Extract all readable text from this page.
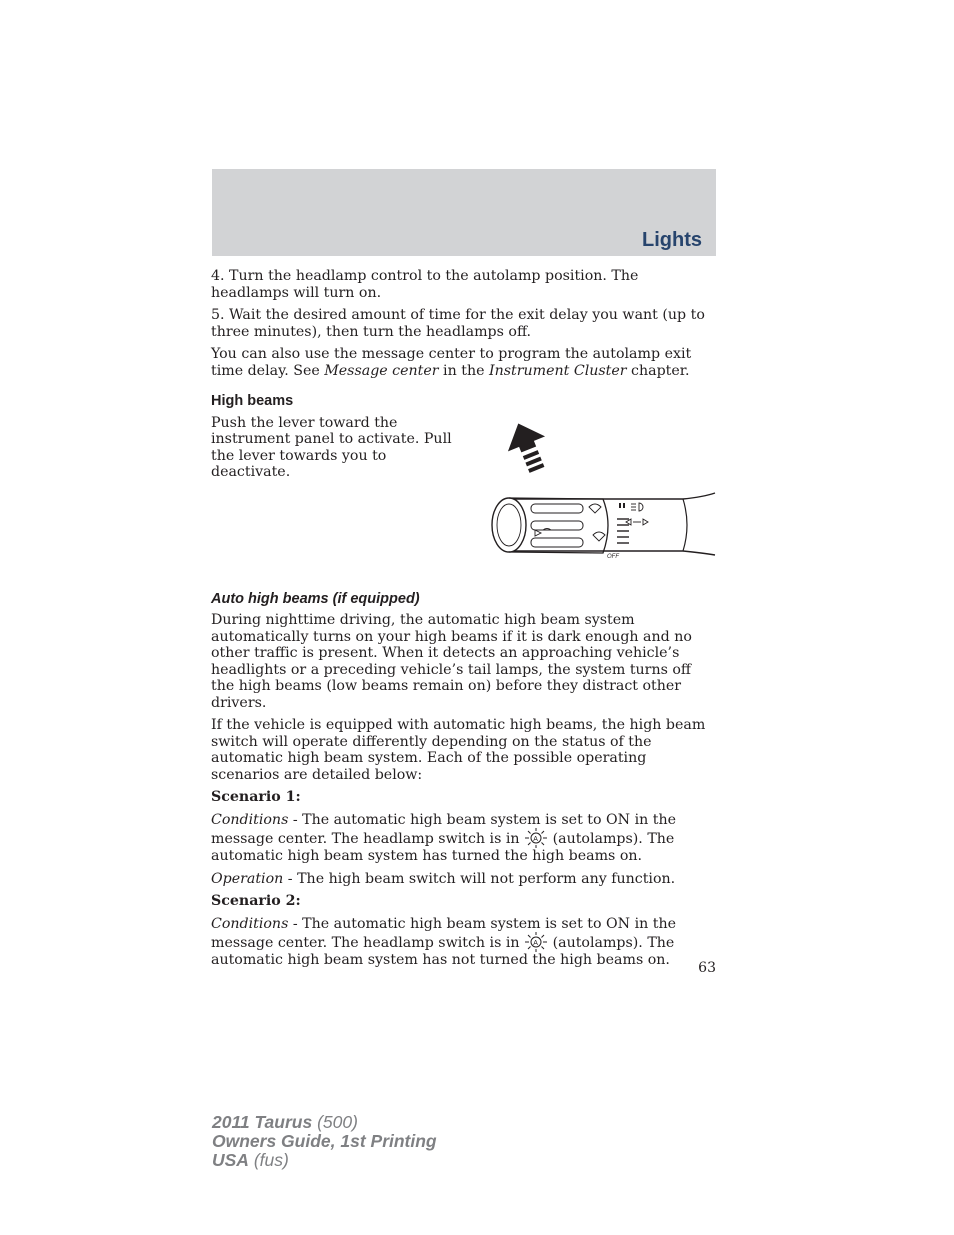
Lights

4. Turn the headlamp control to the autolamp position. The headlamps will turn on.

5. Wait the desired amount of time for the exit delay you want (up to three minutes), then turn the headlamps off.

You can also use the message center to program the autolamp exit time delay. See Message center in the Instrument Cluster chapter.

High beams

Push the lever toward the instrument panel to activate. Pull the lever towards you to deactivate.

OFF
Auto high beams (if equipped)

During nighttime driving, the automatic high beam system automatically turns on your high beams if it is dark enough and no other traffic is present. When it detects an approaching vehicle’s headlights or a preceding vehicle’s tail lamps, the system turns off the high beams (low beams remain on) before they distract other drivers.

If the vehicle is equipped with automatic high beams, the high beam switch will operate differently depending on the status of the automatic high beam system. Each of the possible operating scenarios are detailed below:

Scenario 1:

Conditions - The automatic high beam system is set to ON in the message center. The headlamp switch is in A (autolamps). The automatic high beam system has turned the high beams on.

Operation - The high beam switch will not perform any function.

Scenario 2:

Conditions - The automatic high beam system is set to ON in the message center. The headlamp switch is in A (autolamps). The automatic high beam system has not turned the high beams on.	63
2011 Taurus (500)
Owners Guide, 1st Printing
USA (fus)
